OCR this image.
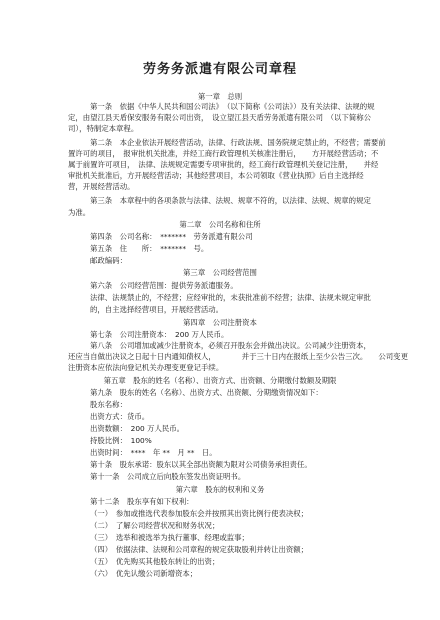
劳务务派遣有限公司章程
第一章　总则
第一条　依据《中华人民共和国公司法》　（以下简称《公司法》）及有关法律、法规的规
定，由望江县天盾保安服务有限公司出资，　设立望江县天盾劳务派遣有限公司　（以下简称公
司），特制定本章程。
第二条　本企业依法开展经营活动，法律、行政法规、国务院规定禁止的，不经营；需要前
置许可的项目，　报审批机关批准，并经工商行政管理机关核准注册后，　　方开展经营活动；不
属于前置许可项目，　法律、法规规定需要专项审批的，经工商行政管理机关登记注册，　　并经
审批机关批准后，方开展经营活动；其他经营项目，本公司领取《营业执照》后自主选择经
营，开展经营活动。
第三条　本章程中的各项条款与法律、法规、规章不符的，以法律、法规、规章的规定
为准。
第二章　公司名称和住所
第四条　公司名称：　*******　劳务派遣有限公司
第五条　住　　所：　*******　号。
邮政编码：
第三章　公司经营范围
第六条　公司经营范围：提供劳务派遣服务。
法律、法规禁止的，不经营；应经审批的，未获批准前不经营；法律、法规未规定审批
的，自主选择经营项目，开展经营活动。
第四章　公司注册资本
第七条　公司注册资本：　200 万人民币。
第八条　公司增加或减少注册资本，必须召开股东会并做出决议。公司减少注册资本，
还应当自做出决议之日起十日内通知债权人，　　　　并于三十日内在报纸上至少公告三次。　　公司变更
注册资本应依法向登记机关办理变更登记手续。
第五章　股东的姓名（名称）、出资方式、出资额、分期缴付数额及期限
第九条　股东的姓名（名称）、出资方式、出资额、分期缴资情况如下：
股东名称：
出资方式：货币。
出资数额：　200 万人民币。
持股比例：　100%
出资时间：　****　年 **　月 **　日。
第十条　股东承诺：股东以其全部出资额为限对公司债务承担责任。
第十一条　公司成立后向股东签发出资证明书。
第六章　股东的权利和义务
第十二条　股东享有如下权利：
（一）　参加或推选代表参加股东会并按照其出资比例行使表决权；
（二）　了解公司经营状况和财务状况；
（三）　选举和被选举为执行董事、经理或监事；
（四）　依据法律、法规和公司章程的规定获取股利并转让出资额；
（五）　优先购买其他股东转让的出资；
（六）　优先认缴公司新增资本；
